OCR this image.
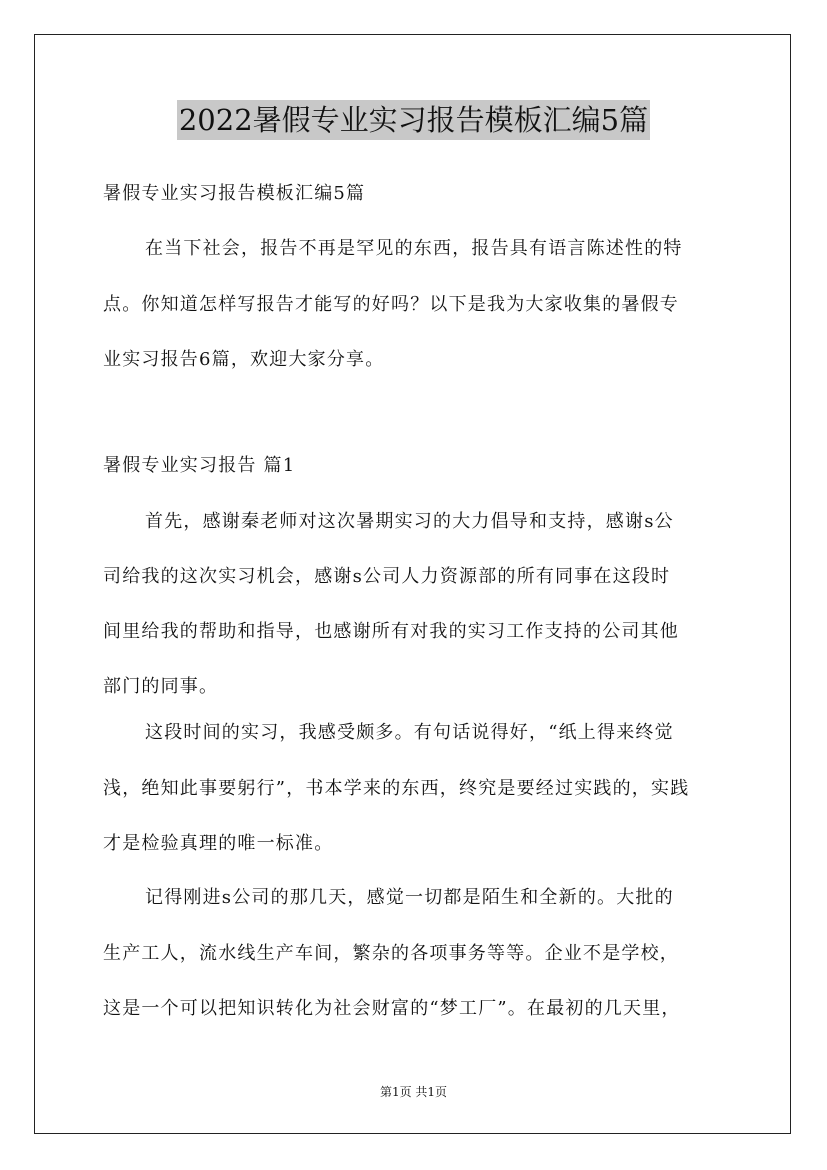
2022暑假专业实习报告模板汇编5篇
暑假专业实习报告模板汇编5篇
在当下社会，报告不再是罕见的东西，报告具有语言陈述性的特
点。你知道怎样写报告才能写的好吗？以下是我为大家收集的暑假专
业实习报告6篇，欢迎大家分享。
暑假专业实习报告 篇1
首先，感谢秦老师对这次暑期实习的大力倡导和支持，感谢s公
司给我的这次实习机会，感谢s公司人力资源部的所有同事在这段时
间里给我的帮助和指导，也感谢所有对我的实习工作支持的公司其他
部门的同事。
这段时间的实习，我感受颇多。有句话说得好，“纸上得来终觉
浅，绝知此事要躬行”，书本学来的东西，终究是要经过实践的，实践
才是检验真理的唯一标准。
记得刚进s公司的那几天，感觉一切都是陌生和全新的。大批的
生产工人，流水线生产车间，繁杂的各项事务等等。企业不是学校，
这是一个可以把知识转化为社会财富的“梦工厂”。在最初的几天里，
第1页 共1页
